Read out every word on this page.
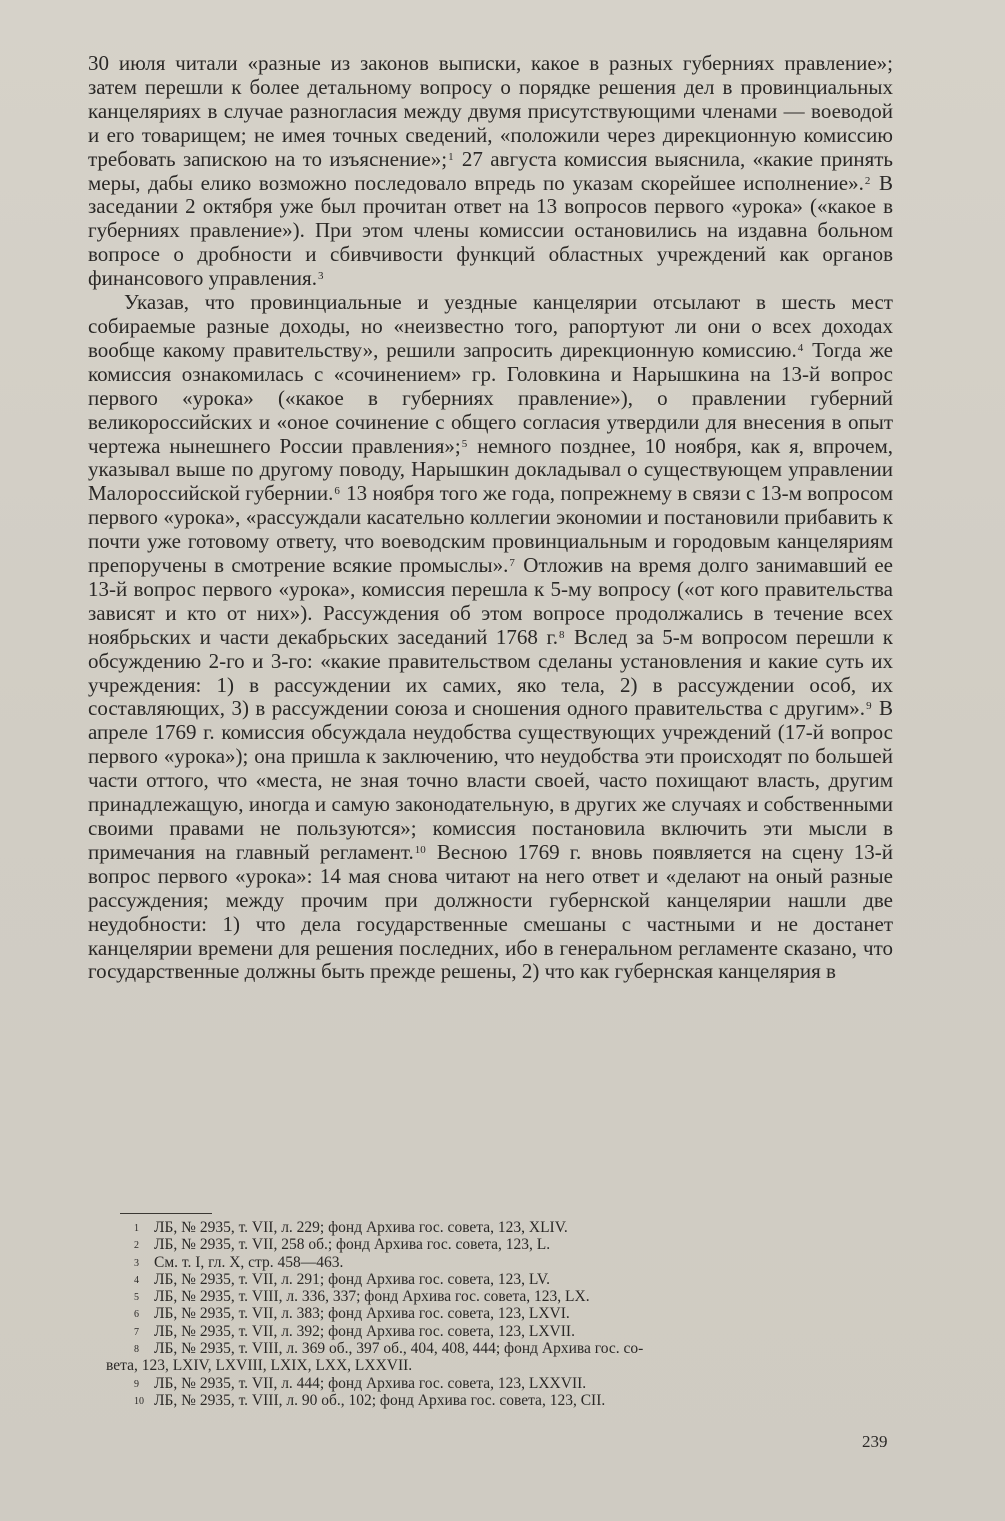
30 июля читали «разные из законов выписки, какое в разных губерниях правление»; затем перешли к более детальному вопросу о порядке решения дел в провинциальных канцеляриях в случае разногласия между двумя присутствующими членами — воеводой и его товарищем; не имея точных сведений, «положили через дирекционную комиссию требовать запискою на то изъяснение»;$^1$ 27 августа комиссия выяснила, «какие принять меры, дабы елико возможно последовало впредь по указам скорейшее исполнение».$^2$ В заседании 2 октября уже был прочитан ответ на 13 вопросов первого «урока» («какое в губерниях правление»). При этом члены комиссии остановились на издавна больном вопросе о дробности и сбивчивости функций областных учреждений как органов финансового управления.$^3$

Указав, что провинциальные и уездные канцелярии отсылают в шесть мест собираемые разные доходы, но «неизвестно того, рапортуют ли они о всех доходах вообще какому правительству», решили запросить дирекционную комиссию.$^4$ Тогда же комиссия ознакомилась с «сочинением» гр. Головкина и Нарышкина на 13-й вопрос первого «урока» («какое в губерниях правление»), о правлении губерний великороссийских и «оное сочинение с общего согласия утвердили для внесения в опыт чертежа нынешнего России правления»;$^5$ немного позднее, 10 ноября, как я, впрочем, указывал выше по другому поводу, Нарышкин докладывал о существующем управлении Малороссийской губернии.$^6$ 13 ноября того же года, попрежнему в связи с 13-м вопросом первого «урока», «рассуждали касательно коллегии экономии и постановили прибавить к почти уже готовому ответу, что воеводским провинциальным и городовым канцеляриям препоручены в смотрение всякие промыслы».$^7$ Отложив на время долго занимавший ее 13-й вопрос первого «урока», комиссия перешла к 5-му вопросу («от кого правительства зависят и кто от них»). Рассуждения об этом вопросе продолжались в течение всех ноябрьских и части декабрьских заседаний 1768 г.$^8$ Вслед за 5-м вопросом перешли к обсуждению 2-го и 3-го: «какие правительством сделаны установления и какие суть их учреждения: 1) в рассуждении их самих, яко тела, 2) в рассуждении особ, их составляющих, 3) в рассуждении союза и сношения одного правительства с другим».$^9$ В апреле 1769 г. комиссия обсуждала неудобства существующих учреждений (17-й вопрос первого «урока»); она пришла к заключению, что неудобства эти происходят по большей части оттого, что «места, не зная точно власти своей, часто похищают власть, другим принадлежащую, иногда и самую законодательную, в других же случаях и собственными своими правами не пользуются»; комиссия постановила включить эти мысли в примечания на главный регламент.$^{10}$ Весною 1769 г. вновь появляется на сцену 13-й вопрос первого «урока»: 14 мая снова читают на него ответ и «делают на оный разные рассуждения; между прочим при должности губернской канцелярии нашли две неудобности: 1) что дела государственные смешаны с частными и не достанет канцелярии времени для решения последних, ибо в генеральном регламенте сказано, что государственные должны быть прежде решены, 2) что как губернская канцелярия в

1 ЛБ, № 2935, т. VII, л. 229; фонд Архива гос. совета, 123, XLIV.
2 ЛБ, № 2935, т. VII, 258 об.; фонд Архива гос. совета, 123, L.
3 См. т. I, гл. X, стр. 458—463.
4 ЛБ, № 2935, т. VII, л. 291; фонд Архива гос. совета, 123, LV.
5 ЛБ, № 2935, т. VIII, л. 336, 337; фонд Архива гос. совета, 123, LX.
6 ЛБ, № 2935, т. VII, л. 383; фонд Архива гос. совета, 123, LXVI.
7 ЛБ, № 2935, т. VII, л. 392; фонд Архива гос. совета, 123, LXVII.
8 ЛБ, № 2935, т. VIII, л. 369 об., 397 об., 404, 408, 444; фонд Архива гос. со-
вета, 123, LXIV, LXVIII, LXIX, LXX, LXXVII.
9 ЛБ, № 2935, т. VII, л. 444; фонд Архива гос. совета, 123, LXXVII.
10 ЛБ, № 2935, т. VIII, л. 90 об., 102; фонд Архива гос. совета, 123, CII.
239
